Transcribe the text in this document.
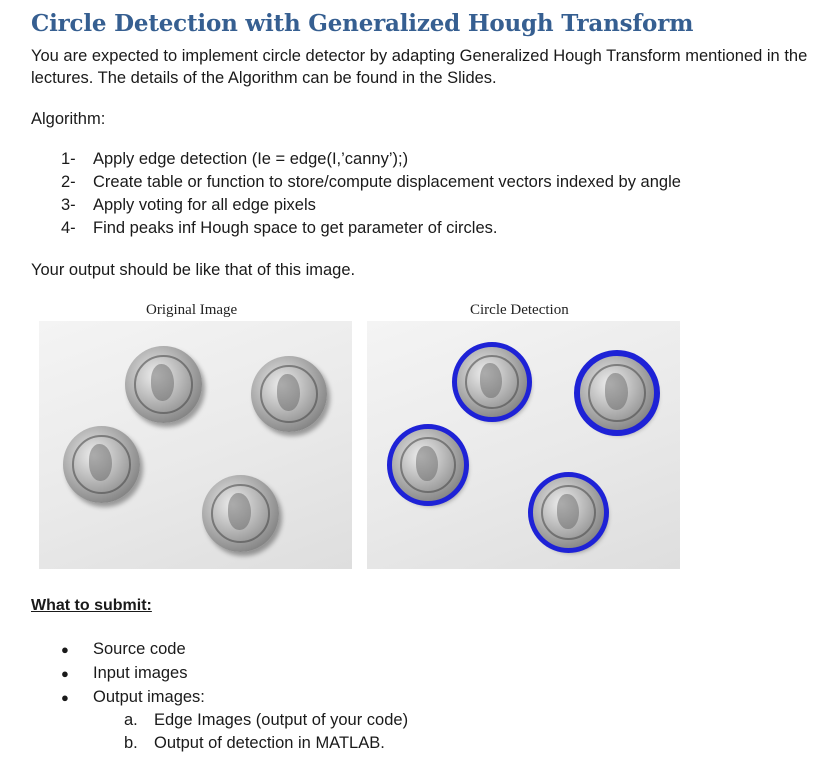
Circle Detection with Generalized Hough Transform
You are expected to implement circle detector by adapting Generalized Hough Transform mentioned in the lectures. The details of the Algorithm can be found in the Slides.
Algorithm:
1- Apply edge detection (Ie = edge(I,’canny’);)
2- Create table or function to store/compute displacement vectors indexed by angle
3- Apply voting for all edge pixels
4- Find peaks inf Hough space to get parameter of circles.
Your output should be like that of this image.
Original Image	Circle Detection
What to submit:
● Source code
● Input images
● Output images:
a. Edge Images (output of your code)
b. Output of detection in MATLAB.
